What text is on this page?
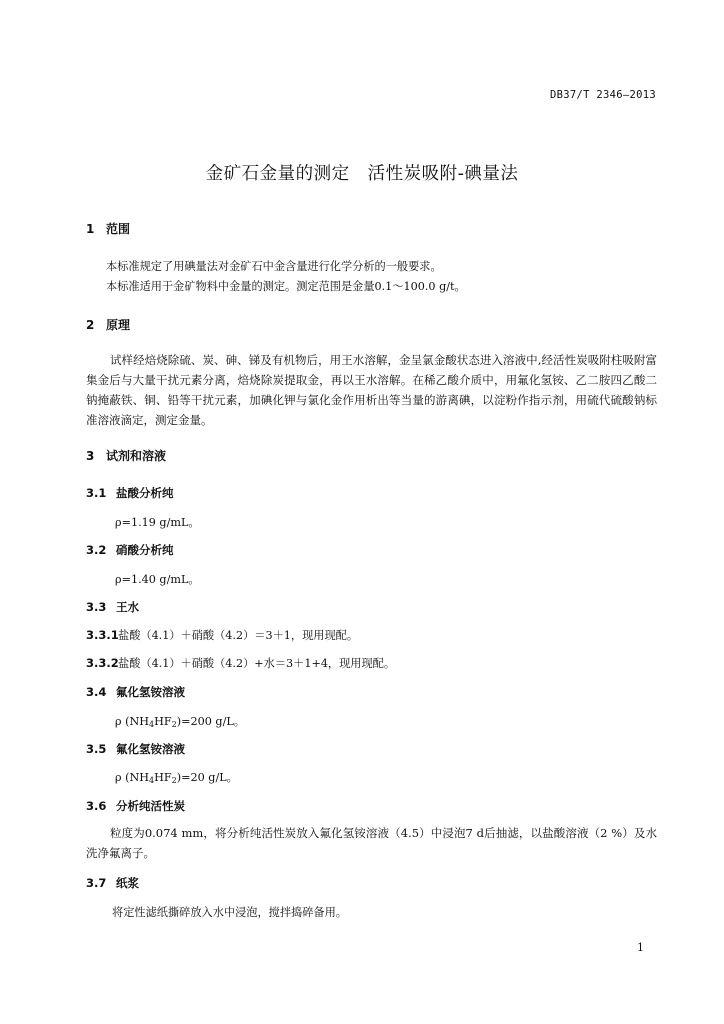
DB37/T 2346—2013
金矿石金量的测定　活性炭吸附-碘量法
1 范围
本标准规定了用碘量法对金矿石中金含量进行化学分析的一般要求。
本标准适用于金矿物料中金量的测定。测定范围是金量0.1～100.0 g/t。
2 原理
试样经焙烧除硫、炭、砷、锑及有机物后，用王水溶解，金呈氯金酸状态进入溶液中,经活性炭吸附柱吸附富集金后与大量干扰元素分离，焙烧除炭提取金，再以王水溶解。在稀乙酸介质中，用氟化氢铵、乙二胺四乙酸二钠掩蔽铁、铜、铅等干扰元素，加碘化钾与氯化金作用析出等当量的游离碘，以淀粉作指示剂，用硫代硫酸钠标准溶液滴定，测定金量。
3 试剂和溶液
3.1 盐酸分析纯
ρ=1.19 g/mL。
3.2 硝酸分析纯
ρ=1.40 g/mL。
3.3 王水
3.3.1盐酸（4.1）＋硝酸（4.2）＝3＋1，现用现配。
3.3.2盐酸（4.1）＋硝酸（4.2）+水＝3＋1+4，现用现配。
3.4 氟化氢铵溶液
ρ $(NH_4HF_2)=200$ g/L。
3.5 氟化氢铵溶液
ρ $(NH_4HF_2)=20$ g/L。
3.6 分析纯活性炭
粒度为0.074 mm，将分析纯活性炭放入氟化氢铵溶液（4.5）中浸泡7 d后抽滤，以盐酸溶液（2 %）及水洗净氟离子。
3.7 纸浆
将定性滤纸撕碎放入水中浸泡，搅拌捣碎备用。
1
